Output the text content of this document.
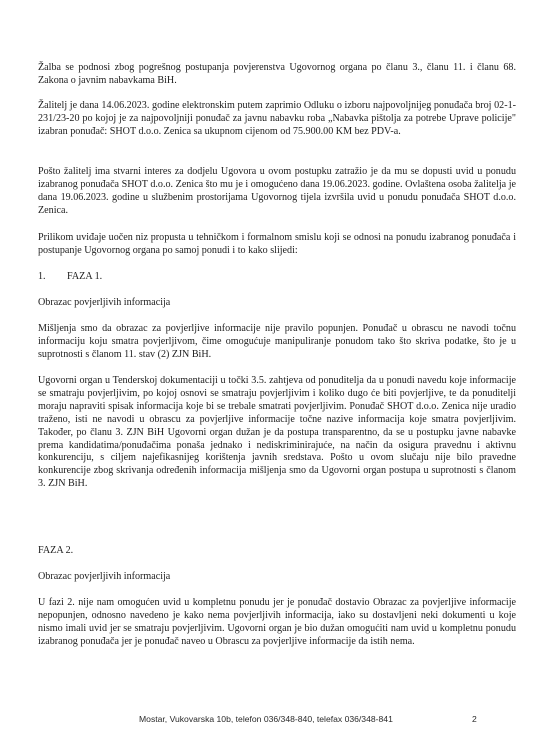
Žalba se podnosi zbog pogrešnog postupanja povjerenstva Ugovornog organa po članu 3., članu 11. i članu 68. Zakona o javnim nabavkama BiH.

Žalitelj je dana 14.06.2023. godine elektronskim putem zaprimio Odluku o izboru najpovoljnijeg ponuđača broj 02-1-231/23-20 po kojoj je za najpovoljniji ponuđač za javnu nabavku roba „Nabavka pištolja za potrebe Uprave policije" izabran ponuđač: SHOT d.o.o. Zenica sa ukupnom cijenom od 75.900.00 KM bez PDV-a.

Pošto žalitelj ima stvarni interes za dodjelu Ugovora u ovom postupku zatražio je da mu se dopusti uvid u ponudu izabranog ponuđača SHOT d.o.o. Zenica što mu je i omogućeno dana 19.06.2023. godine. Ovlaštena osoba žalitelja je dana 19.06.2023. godine u službenim prostorijama Ugovornog tijela izvršila uvid u ponudu ponuđača SHOT d.o.o. Zenica.

Prilikom uviđaje uočen niz propusta u tehničkom i formalnom smislu koji se odnosi na ponudu izabranog ponuđača i postupanje Ugovornog organa po samoj ponudi i to kako slijedi:

1. FAZA 1.

Obrazac povjerljivih informacija

Mišljenja smo da obrazac za povjerljive informacije nije pravilo popunjen. Ponuđač u obrascu ne navodi točnu informaciju koju smatra povjerljivom, čime omogućuje manipuliranje ponudom tako što skriva podatke, što je u suprotnosti s članom 11. stav (2) ZJN BiH.

Ugovorni organ u Tenderskoj dokumentaciji u točki 3.5. zahtjeva od ponuditelja da u ponudi navedu koje informacije se smatraju povjerljivim, po kojoj osnovi se smatraju povjerljivim i koliko dugo će biti povjerljive, te da ponuditelji moraju napraviti spisak informacija koje bi se trebale smatrati povjerljivim. Ponuđač SHOT d.o.o. Zenica nije uradio traženo, isti ne navodi u obrascu za povjerljive informacije točne nazive informacija koje smatra povjerljivim. Također, po članu 3. ZJN BiH Ugovorni organ dužan je da postupa transparentno, da se u postupku javne nabavke prema kandidatima/ponuđačima ponaša jednako i nediskriminirajuće, na način da osigura pravednu i aktivnu konkurenciju, s ciljem najefikasnijeg korištenja javnih sredstava. Pošto u ovom slučaju nije bilo pravedne konkurencije zbog skrivanja određenih informacija mišljenja smo da Ugovorni organ postupa u suprotnosti s članom 3. ZJN BiH.

FAZA 2.

Obrazac povjerljivih informacija

U fazi 2. nije nam omogućen uvid u kompletnu ponudu jer je ponuđač dostavio Obrazac za povjerljive informacije nepopunjen, odnosno navedeno je kako nema povjerljivih informacija, iako su dostavljeni neki dokumenti u koje nismo imali uvid jer se smatraju povjerljivim. Ugovorni organ je bio dužan omogućiti nam uvid u kompletnu ponudu izabranog ponuđača jer je ponuđač naveo u Obrascu za povjerljive informacije da istih nema.

Mostar, Vukovarska 10b, telefon 036/348-840, telefax 036/348-841	2
